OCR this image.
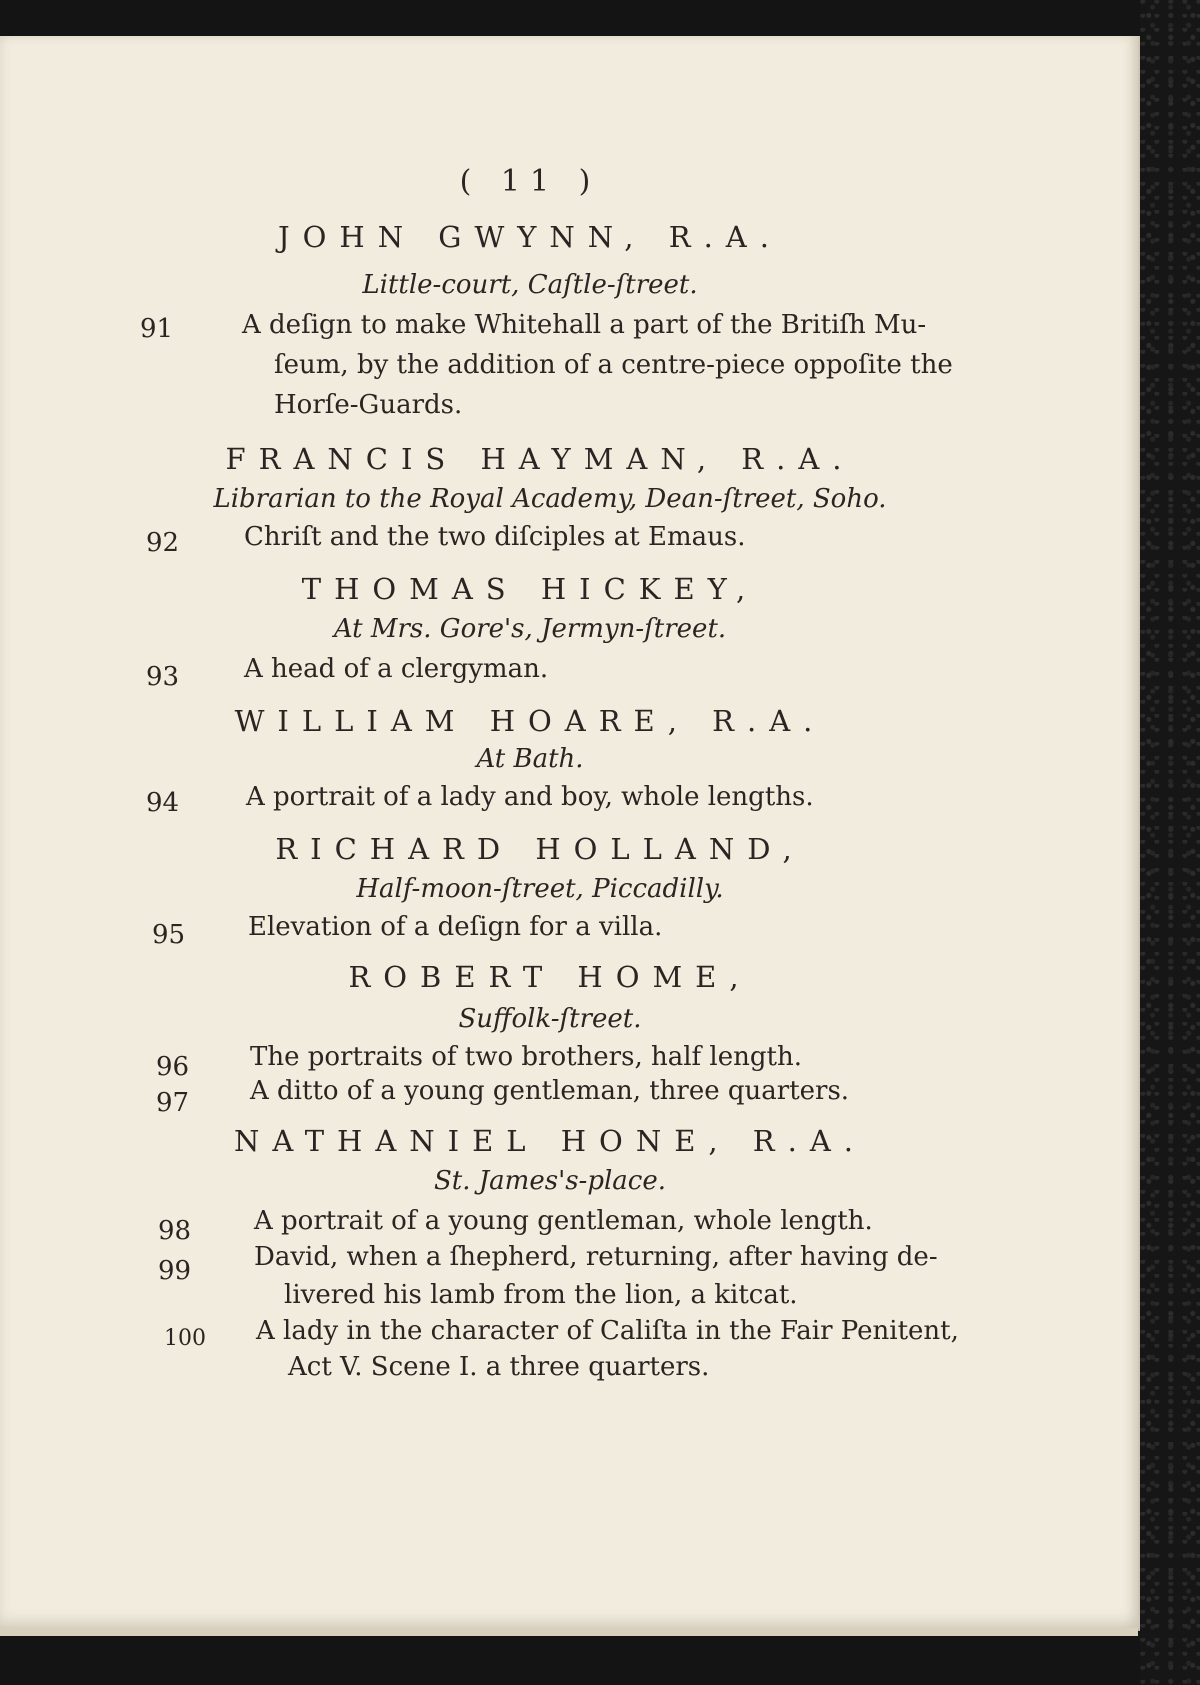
( 11 )
JOHN GWYNN, R.A.
Little-court, Caſtle-ſtreet.
91	A deſign to make Whitehall a part of the Britiſh Mu-
ſeum, by the addition of a centre-piece oppoſite the
Horſe-Guards.
FRANCIS HAYMAN, R.A.
Librarian to the Royal Academy, Dean-ſtreet, Soho.
92 Chriſt and the two diſciples at Emaus.
THOMAS HICKEY,
At Mrs. Gore's, Jermyn-ſtreet.
93 A head of a clergyman.
WILLIAM HOARE, R.A.
At Bath.
94	A portrait of a lady and boy, whole lengths.
RICHARD HOLLAND,
Half-moon-ſtreet, Piccadilly.
95 Elevation of a deſign for a villa.
ROBERT HOME,
Suffolk-ſtreet.
96 The portraits of two brothers, half length.
97 A ditto of a young gentleman, three quarters.
NATHANIEL HONE, R.A.
St. James's-place.
98 A portrait of a young gentleman, whole length.
99 David, when a ſhepherd, returning, after having de-
livered his lamb from the lion, a kitcat.
100 A lady in the character of Caliſta in the Fair Penitent,
Act V. Scene I. a three quarters.
